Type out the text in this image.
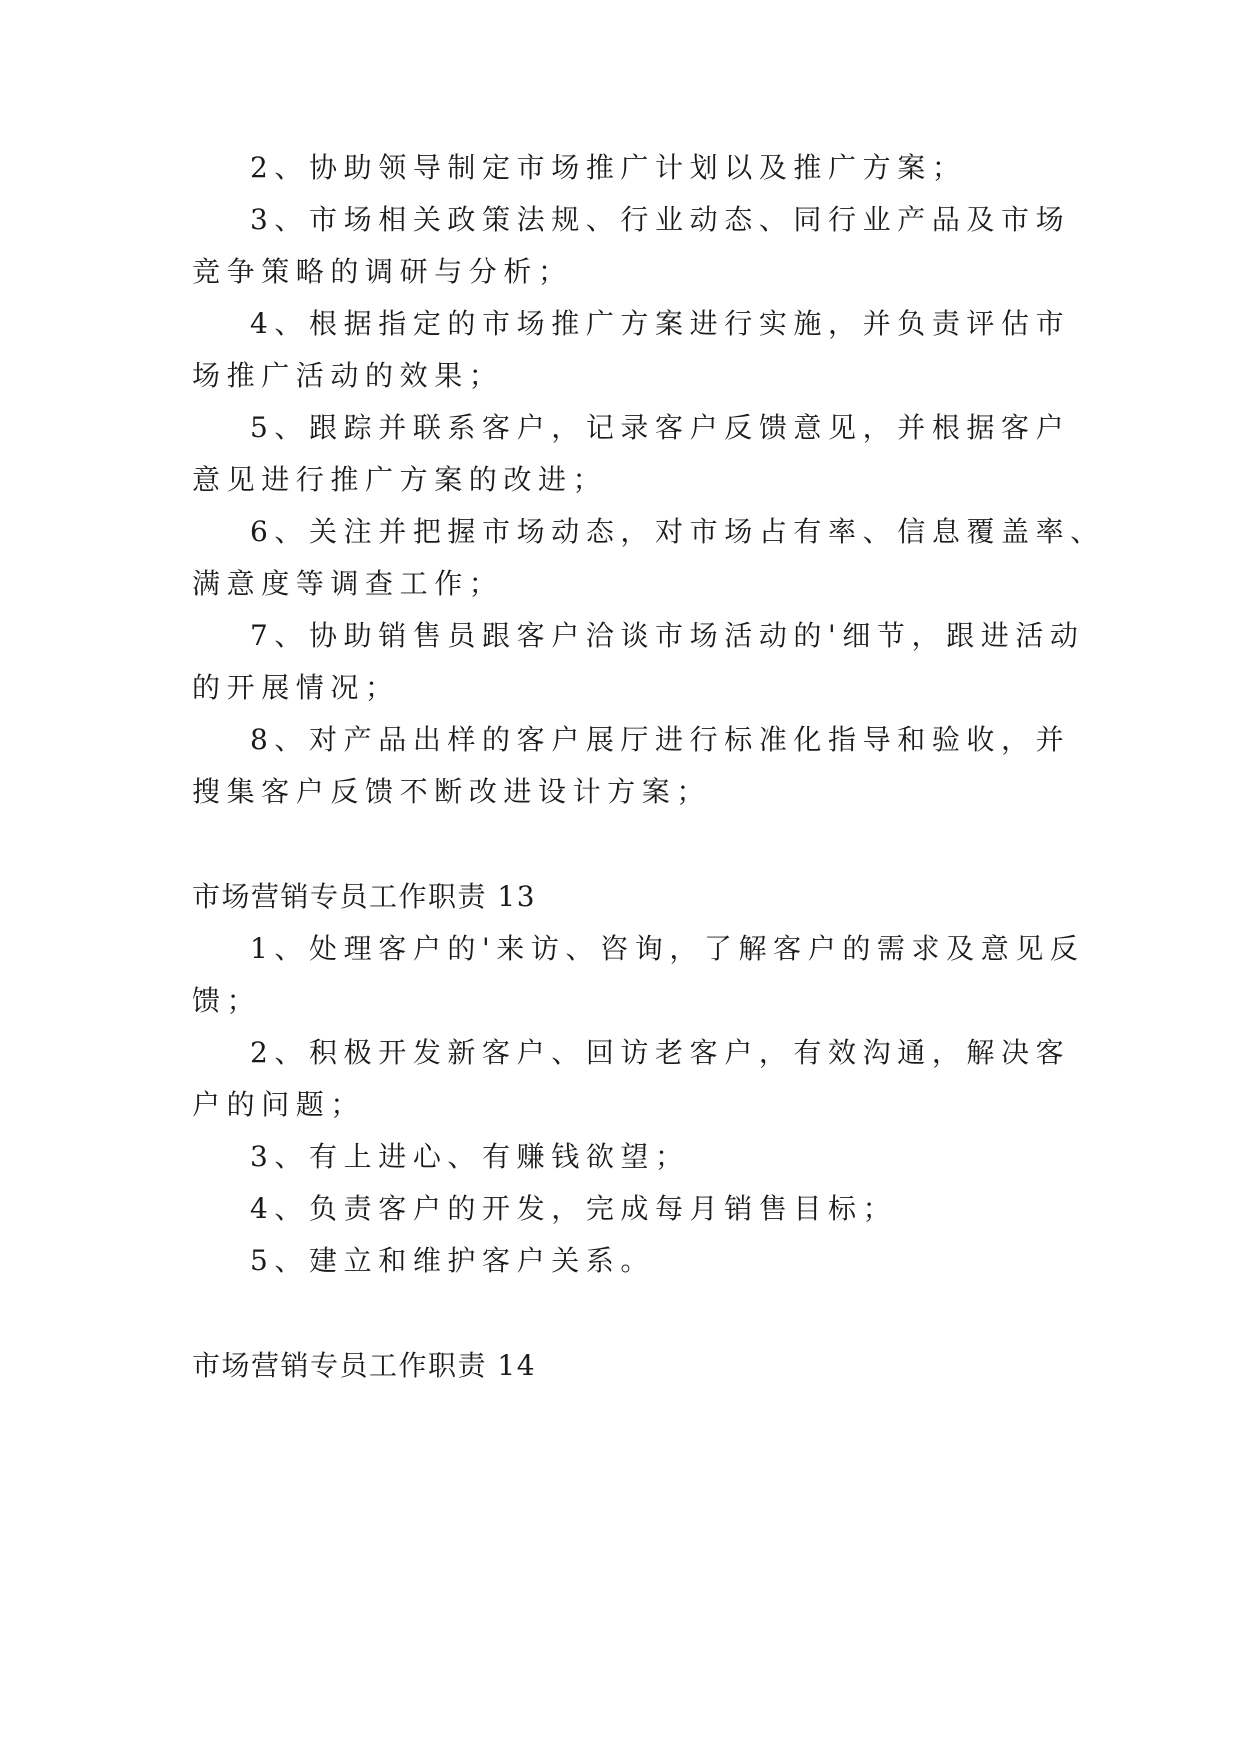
2、协助领导制定市场推广计划以及推广方案；
3、市场相关政策法规、行业动态、同行业产品及市场
竞争策略的调研与分析；
4、根据指定的市场推广方案进行实施，并负责评估市
场推广活动的效果；
5、跟踪并联系客户，记录客户反馈意见，并根据客户
意见进行推广方案的改进；
6、关注并把握市场动态，对市场占有率、信息覆盖率、
满意度等调查工作；
7、协助销售员跟客户洽谈市场活动的'细节，跟进活动
的开展情况；
8、对产品出样的客户展厅进行标准化指导和验收，并
搜集客户反馈不断改进设计方案；
市场营销专员工作职责 13
1、处理客户的'来访、咨询，了解客户的需求及意见反
馈；
2、积极开发新客户、回访老客户，有效沟通，解决客
户的问题；
3、有上进心、有赚钱欲望；
4、负责客户的开发，完成每月销售目标；
5、建立和维护客户关系。
市场营销专员工作职责 14
